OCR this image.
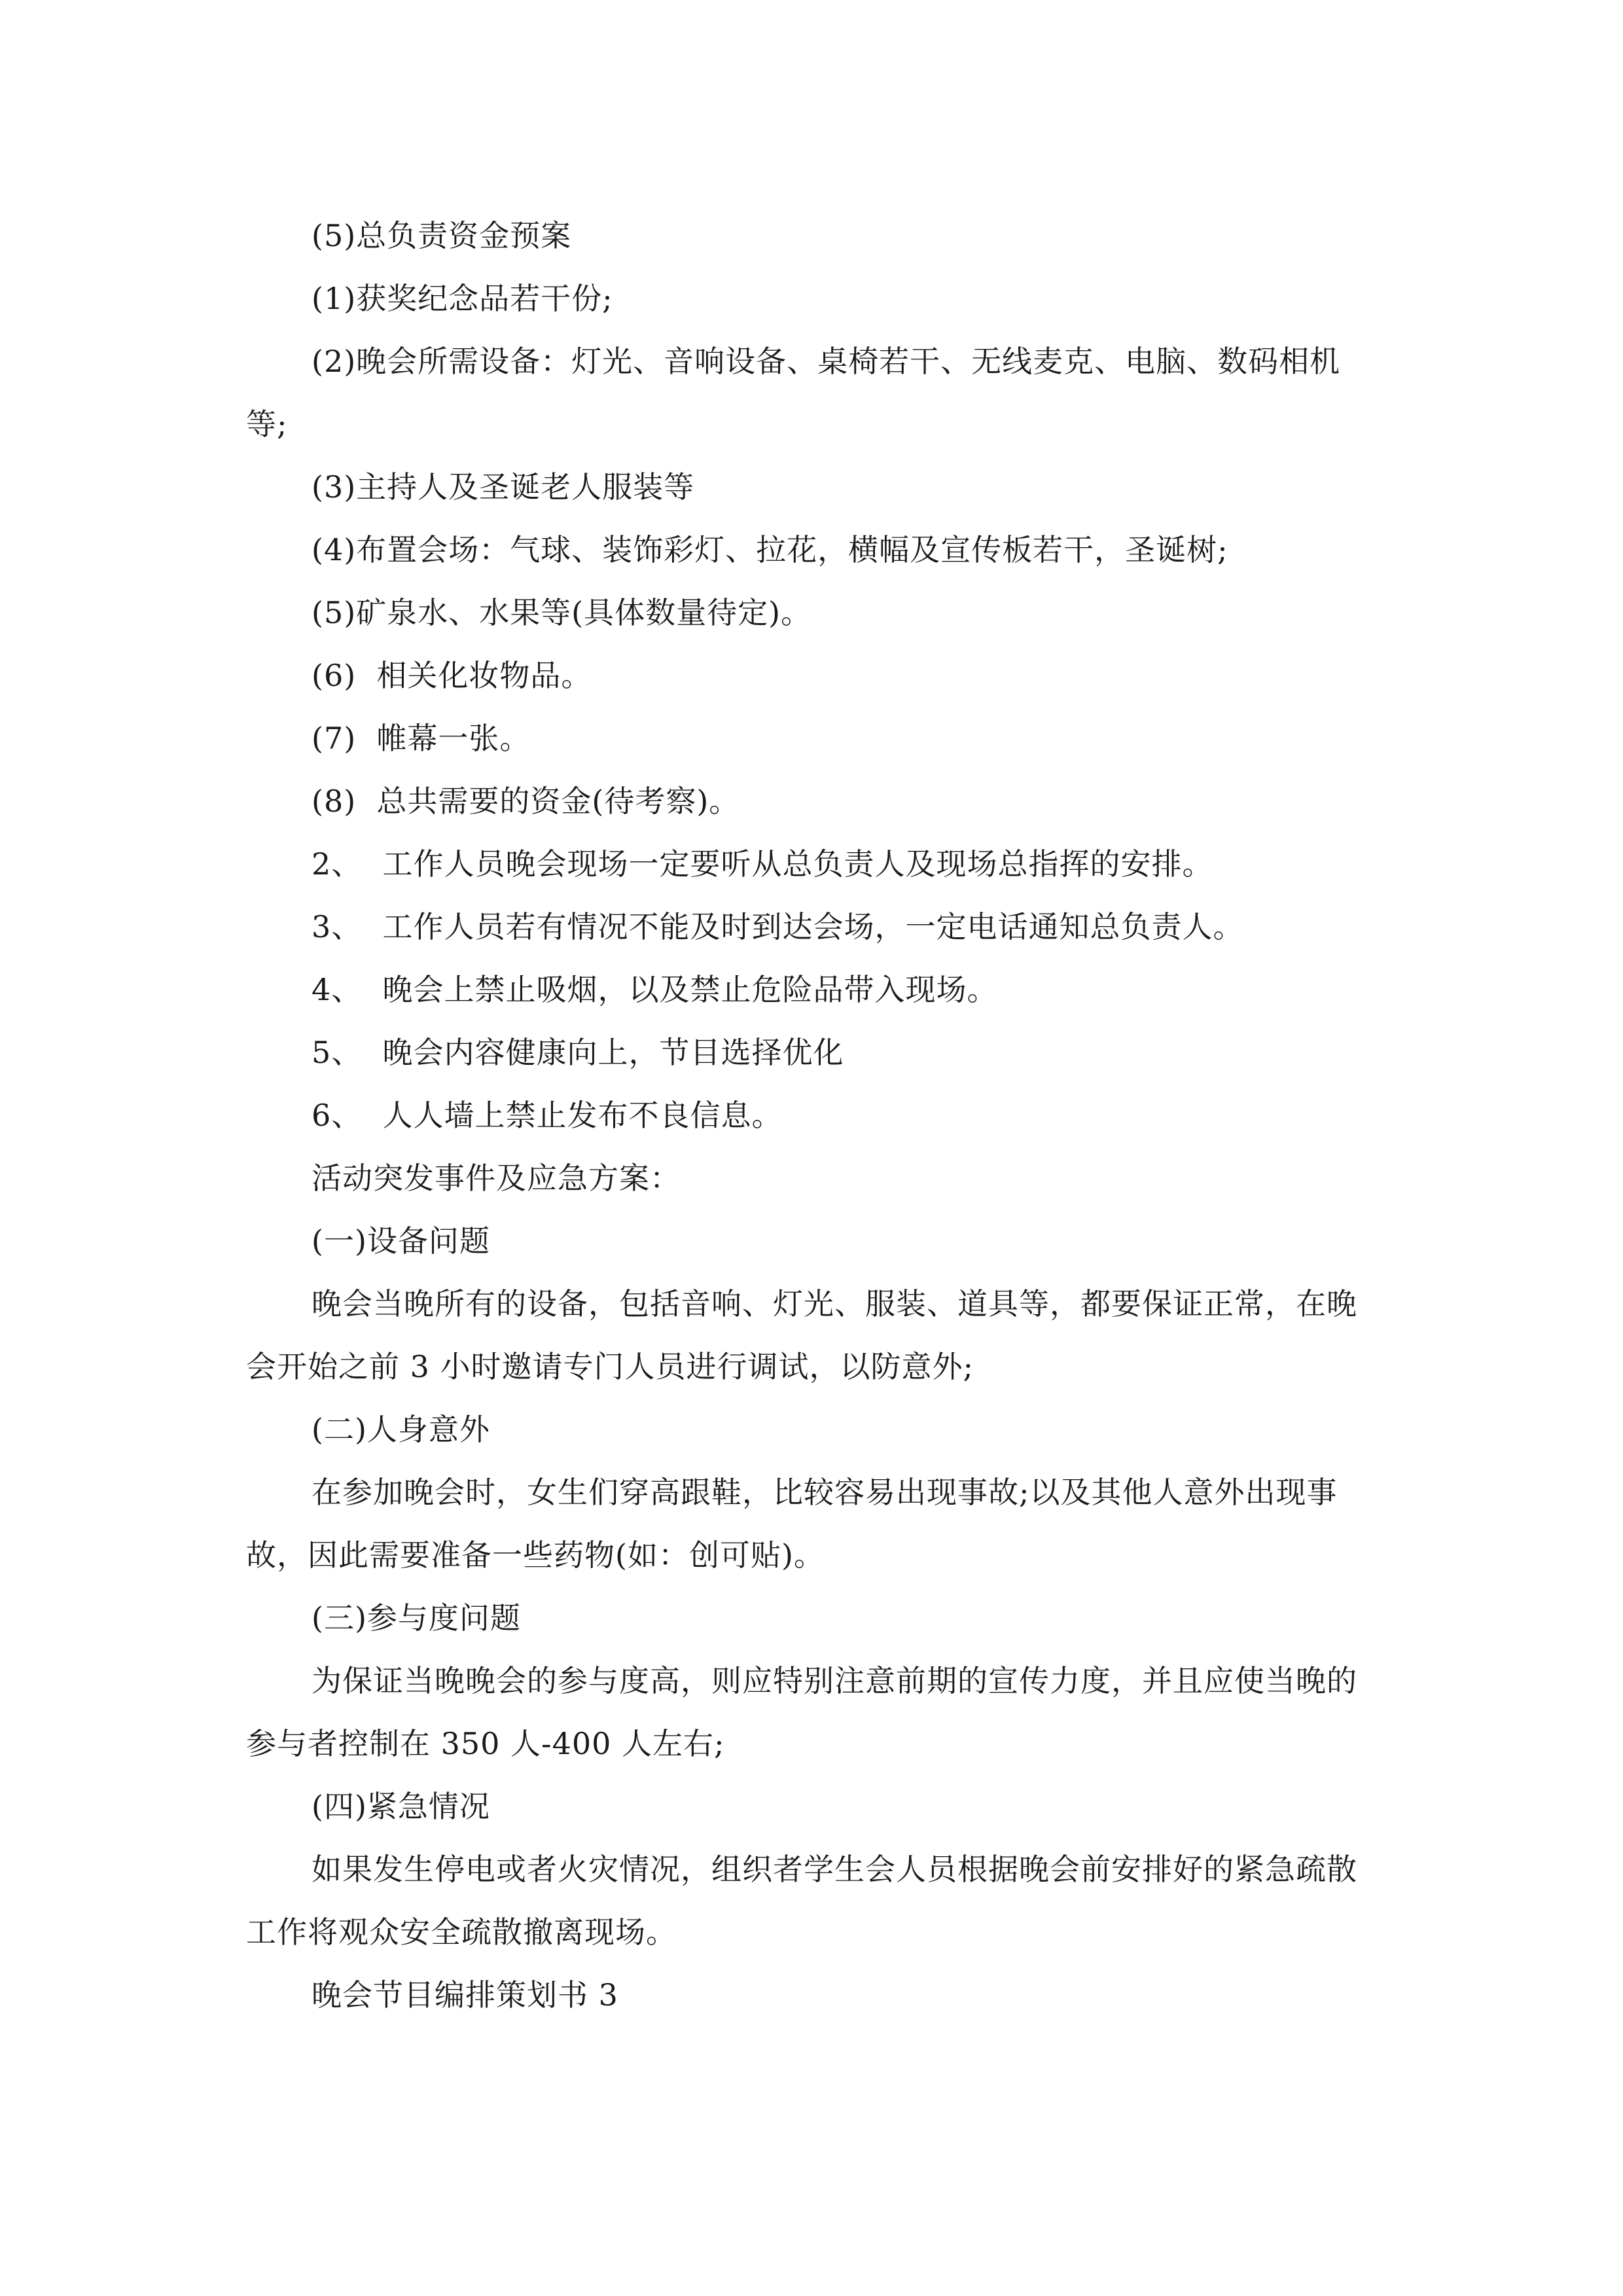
(5)总负责资金预案

(1)获奖纪念品若干份;

(2)晚会所需设备：灯光、音响设备、桌椅若干、无线麦克、电脑、数码相机等;

(3)主持人及圣诞老人服装等

(4)布置会场：气球、装饰彩灯、拉花，横幅及宣传板若干，圣诞树;

(5)矿泉水、水果等(具体数量待定)。

(6)  相关化妆物品。

(7)  帷幕一张。

(8)  总共需要的资金(待考察)。

2、  工作人员晚会现场一定要听从总负责人及现场总指挥的安排。

3、  工作人员若有情况不能及时到达会场，一定电话通知总负责人。

4、  晚会上禁止吸烟，以及禁止危险品带入现场。

5、  晚会内容健康向上，节目选择优化

6、  人人墙上禁止发布不良信息。

活动突发事件及应急方案：

(一)设备问题

晚会当晚所有的设备，包括音响、灯光、服装、道具等，都要保证正常，在晚会开始之前 3 小时邀请专门人员进行调试，以防意外;

(二)人身意外

在参加晚会时，女生们穿高跟鞋，比较容易出现事故;以及其他人意外出现事故，因此需要准备一些药物(如：创可贴)。

(三)参与度问题

为保证当晚晚会的参与度高，则应特别注意前期的宣传力度，并且应使当晚的参与者控制在 350 人-400 人左右;

(四)紧急情况

如果发生停电或者火灾情况，组织者学生会人员根据晚会前安排好的紧急疏散工作将观众安全疏散撤离现场。

晚会节目编排策划书 3
